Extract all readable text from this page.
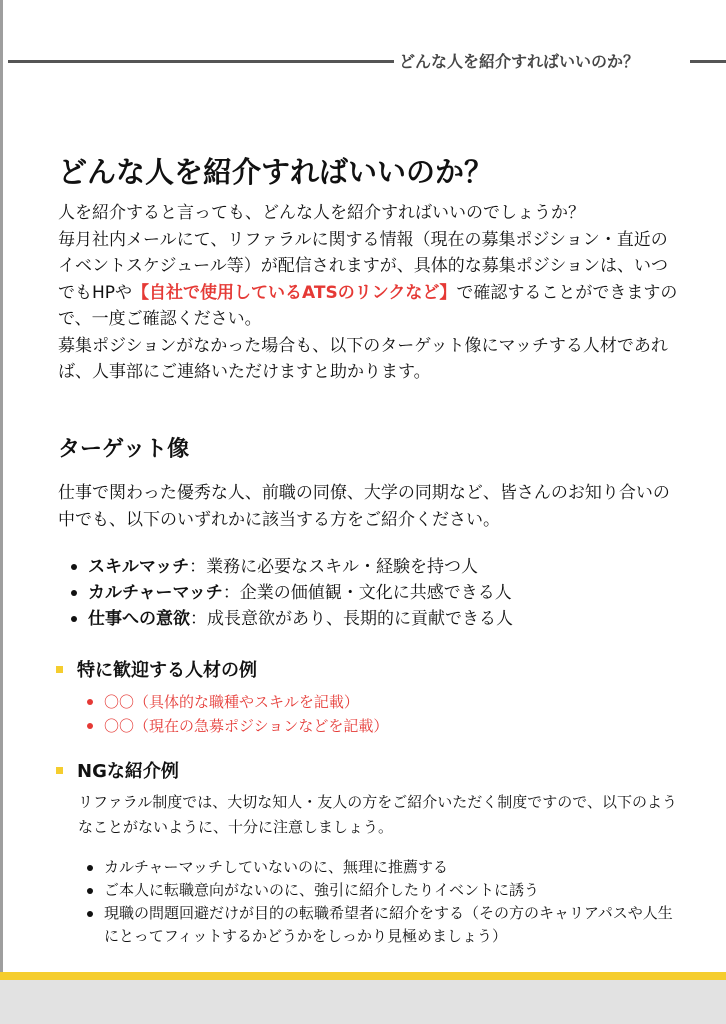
どんな人を紹介すればいいのか？
どんな人を紹介すればいいのか？

人を紹介すると言っても、どんな人を紹介すればいいのでしょうか？

毎月社内メールにて、リファラルに関する情報（現在の募集ポジション・直近のイベントスケジュール等）が配信されますが、具体的な募集ポジションは、いつでもHPや【自社で使用しているATSのリンクなど】で確認することができますので、一度ご確認ください。

募集ポジションがなかった場合も、以下のターゲット像にマッチする人材であれば、人事部にご連絡いただけますと助かります。

ターゲット像

仕事で関わった優秀な人、前職の同僚、大学の同期など、皆さんのお知り合いの中でも、以下のいずれかに該当する方をご紹介ください。

スキルマッチ：業務に必要なスキル・経験を持つ人
カルチャーマッチ：企業の価値観・文化に共感できる人
仕事への意欲：成長意欲があり、長期的に貢献できる人
特に歓迎する人材の例
〇〇（具体的な職種やスキルを記載）
〇〇（現在の急募ポジションなどを記載）
NGな紹介例

リファラル制度では、大切な知人・友人の方をご紹介いただく制度ですので、以下のようなことがないように、十分に注意しましょう。

カルチャーマッチしていないのに、無理に推薦する
ご本人に転職意向がないのに、強引に紹介したりイベントに誘う
現職の問題回避だけが目的の転職希望者に紹介をする（その方のキャリアパスや人生にとってフィットするかどうかをしっかり見極めましょう）
